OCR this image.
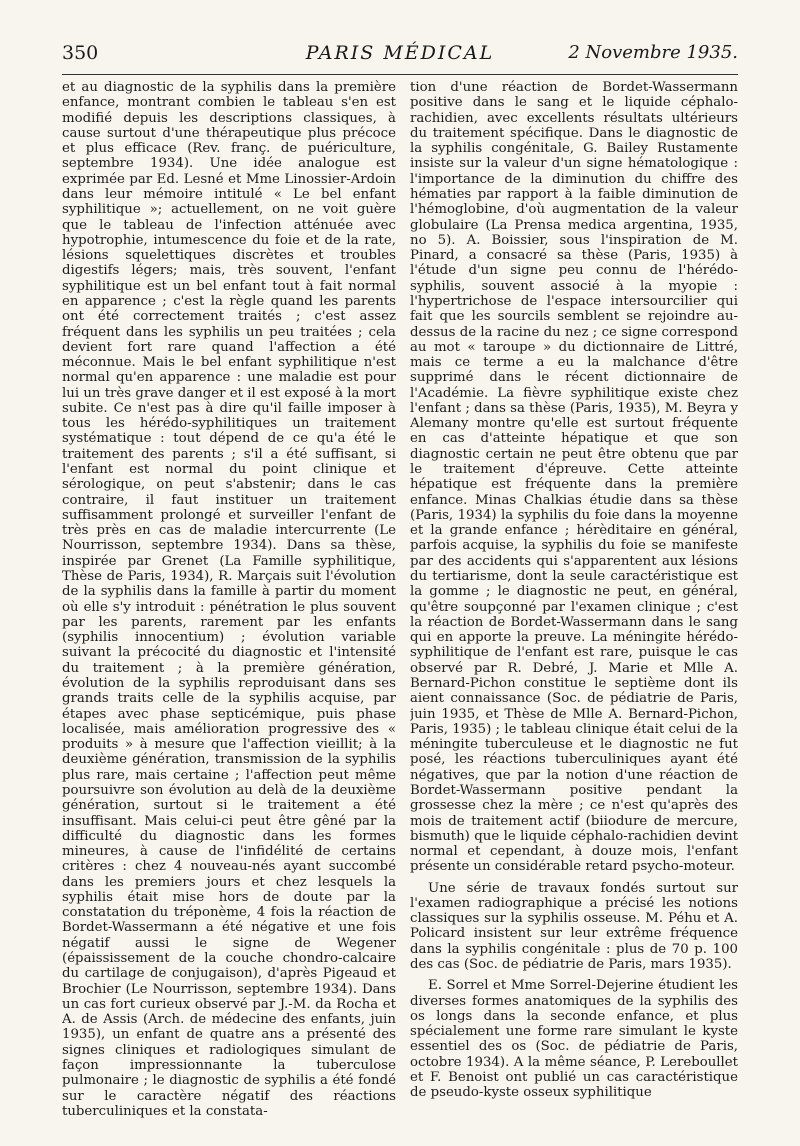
350	PARIS MÉDICAL	2 Novembre 1935.

et au diagnostic de la syphilis dans la première enfance, montrant combien le tableau s'en est modifié depuis les descriptions classiques, à cause surtout d'une thérapeutique plus précoce et plus efficace (Rev. franç. de puériculture, septembre 1934). Une idée analogue est exprimée par Ed. Lesné et Mme Linossier-Ardoin dans leur mémoire intitulé « Le bel enfant syphilitique »; actuellement, on ne voit guère que le tableau de l'infection atténuée avec hypotrophie, intumescence du foie et de la rate, lésions squelettiques discrètes et troubles digestifs légers; mais, très souvent, l'enfant syphilitique est un bel enfant tout à fait normal en apparence ; c'est la règle quand les parents ont été correctement traités ; c'est assez fréquent dans les syphilis un peu traitées ; cela devient fort rare quand l'affection a été méconnue. Mais le bel enfant syphilitique n'est normal qu'en apparence : une maladie est pour lui un très grave danger et il est exposé à la mort subite. Ce n'est pas à dire qu'il faille imposer à tous les hérédo-syphilitiques un traitement systématique : tout dépend de ce qu'a été le traitement des parents ; s'il a été suffisant, si l'enfant est normal du point clinique et sérologique, on peut s'abstenir; dans le cas contraire, il faut instituer un traitement suffisamment prolongé et surveiller l'enfant de très près en cas de maladie intercurrente (Le Nourrisson, septembre 1934). Dans sa thèse, inspirée par Grenet (La Famille syphilitique, Thèse de Paris, 1934), R. Marçais suit l'évolution de la syphilis dans la famille à partir du moment où elle s'y introduit : pénétration le plus souvent par les parents, rarement par les enfants (syphilis innocentium) ; évolution variable suivant la précocité du diagnostic et l'intensité du traitement ; à la première génération, évolution de la syphilis reproduisant dans ses grands traits celle de la syphilis acquise, par étapes avec phase septicémique, puis phase localisée, mais amélioration progressive des « produits » à mesure que l'affection vieillit; à la deuxième génération, transmission de la syphilis plus rare, mais certaine ; l'affection peut même poursuivre son évolution au delà de la deuxième génération, surtout si le traitement a été insuffisant. Mais celui-ci peut être gêné par la difficulté du diagnostic dans les formes mineures, à cause de l'infidélité de certains critères : chez 4 nouveau-nés ayant succombé dans les premiers jours et chez lesquels la syphilis était mise hors de doute par la constatation du tréponème, 4 fois la réaction de Bordet-Wassermann a été négative et une fois négatif aussi le signe de Wegener (épaississement de la couche chondro-calcaire du cartilage de conjugaison), d'après Pigeaud et Brochier (Le Nourrisson, septembre 1934). Dans un cas fort curieux observé par J.-M. da Rocha et A. de Assis (Arch. de médecine des enfants, juin 1935), un enfant de quatre ans a présenté des signes cliniques et radiologiques simulant de façon impressionnante la tuberculose pulmonaire ; le diagnostic de syphilis a été fondé sur le caractère négatif des réactions tuberculiniques et la constata-

tion d'une réaction de Bordet-Wassermann positive dans le sang et le liquide céphalo-rachidien, avec excellents résultats ultérieurs du traitement spécifique. Dans le diagnostic de la syphilis congénitale, G. Bailey Rustamente insiste sur la valeur d'un signe hématologique : l'importance de la diminution du chiffre des hématies par rapport à la faible diminution de l'hémoglobine, d'où augmentation de la valeur globulaire (La Prensa medica argentina, 1935, no 5). A. Boissier, sous l'inspiration de M. Pinard, a consacré sa thèse (Paris, 1935) à l'étude d'un signe peu connu de l'hérédo-syphilis, souvent associé à la myopie : l'hypertrichose de l'espace intersourcilier qui fait que les sourcils semblent se rejoindre au-dessus de la racine du nez ; ce signe correspond au mot « taroupe » du dictionnaire de Littré, mais ce terme a eu la malchance d'être supprimé dans le récent dictionnaire de l'Académie. La fièvre syphilitique existe chez l'enfant ; dans sa thèse (Paris, 1935), M. Beyra y Alemany montre qu'elle est surtout fréquente en cas d'atteinte hépatique et que son diagnostic certain ne peut être obtenu que par le traitement d'épreuve. Cette atteinte hépatique est fréquente dans la première enfance. Minas Chalkias étudie dans sa thèse (Paris, 1934) la syphilis du foie dans la moyenne et la grande enfance ; hérèditaire en général, parfois acquise, la syphilis du foie se manifeste par des accidents qui s'apparentent aux lésions du tertiarisme, dont la seule caractéristique est la gomme ; le diagnostic ne peut, en général, qu'être soupçonné par l'examen clinique ; c'est la réaction de Bordet-Wassermann dans le sang qui en apporte la preuve. La méningite hérédo-syphilitique de l'enfant est rare, puisque le cas observé par R. Debré, J. Marie et Mlle A. Bernard-Pichon constitue le septième dont ils aient connaissance (Soc. de pédiatrie de Paris, juin 1935, et Thèse de Mlle A. Bernard-Pichon, Paris, 1935) ; le tableau clinique était celui de la méningite tuberculeuse et le diagnostic ne fut posé, les réactions tuberculiniques ayant été négatives, que par la notion d'une réaction de Bordet-Wassermann positive pendant la grossesse chez la mère ; ce n'est qu'après des mois de traitement actif (biiodure de mercure, bismuth) que le liquide céphalo-rachidien devint normal et cependant, à douze mois, l'enfant présente un considérable retard psycho-moteur.

Une série de travaux fondés surtout sur l'examen radiographique a précisé les notions classiques sur la syphilis osseuse. M. Péhu et A. Policard insistent sur leur extrême fréquence dans la syphilis congénitale : plus de 70 p. 100 des cas (Soc. de pédiatrie de Paris, mars 1935).

E. Sorrel et Mme Sorrel-Dejerine étudient les diverses formes anatomiques de la syphilis des os longs dans la seconde enfance, et plus spécialement une forme rare simulant le kyste essentiel des os (Soc. de pédiatrie de Paris, octobre 1934). A la même séance, P. Lereboullet et F. Benoist ont publié un cas caractéristique de pseudo-kyste osseux syphilitique
